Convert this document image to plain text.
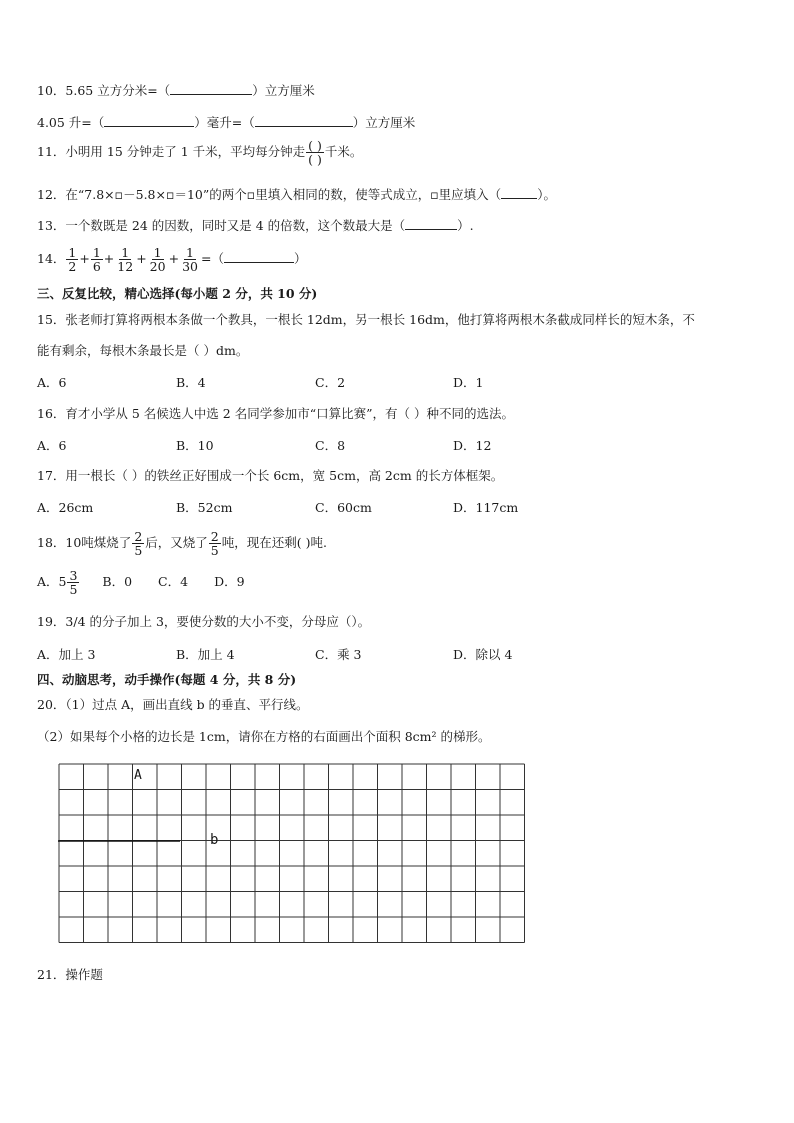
10．5.65 立方分米=（	）立方厘米
4.05 升=（	）毫升=（	）立方厘米
11．小明用 15 分钟走了 1 千米，平均每分钟走 $\frac{( )}{( )}$ 千米。
12．在“7.8×▫－5.8×▫＝10”的两个▫里填入相同的数，使等式成立，▫里应填入（	）。
13．一个数既是 24 的因数，同时又是 4 的倍数，这个数最大是（	）.
14． $\frac{1}{2} + \frac{1}{6} + \frac{1}{12} + \frac{1}{20} + \frac{1}{30}$ =（	）
三、反复比较，精心选择(每小题 2 分，共 10 分)
15．张老师打算将两根本条做一个教具，一根长 12dm，另一根长 16dm，他打算将两根木条截成同样长的短木条，不
能有剩余，每根木条最长是（ ）dm。
A．6	B．4	C．2	D．1
16．育才小学从 5 名候选人中选 2 名同学参加市“口算比赛”，有（ ）种不同的选法。
A．6	B．10	C．8	D．12
17．用一根长（ ）的铁丝正好围成一个长 6cm，宽 5cm，高 2cm 的长方体框架。
A．26cm	B．52cm	C．60cm	D．117cm
18．10吨煤烧了 $\frac{2}{5}$ 后，又烧了 $\frac{2}{5}$ 吨，现在还剩( )吨.
A．$5 \frac{3}{5}$ B．0 C．4 D．9
19．3/4 的分子加上 3，要使分数的大小不变，分母应（）。
A．加上 3	B．加上 4	C．乘 3	D．除以 4
四、动脑思考，动手操作(每题 4 分，共 8 分)
20．（1）过点 A，画出直线 b 的垂直、平行线。
（2）如果每个小格的边长是 1cm，请你在方格的右面画出个面积 8cm² 的梯形。
A
b
21．操作题
